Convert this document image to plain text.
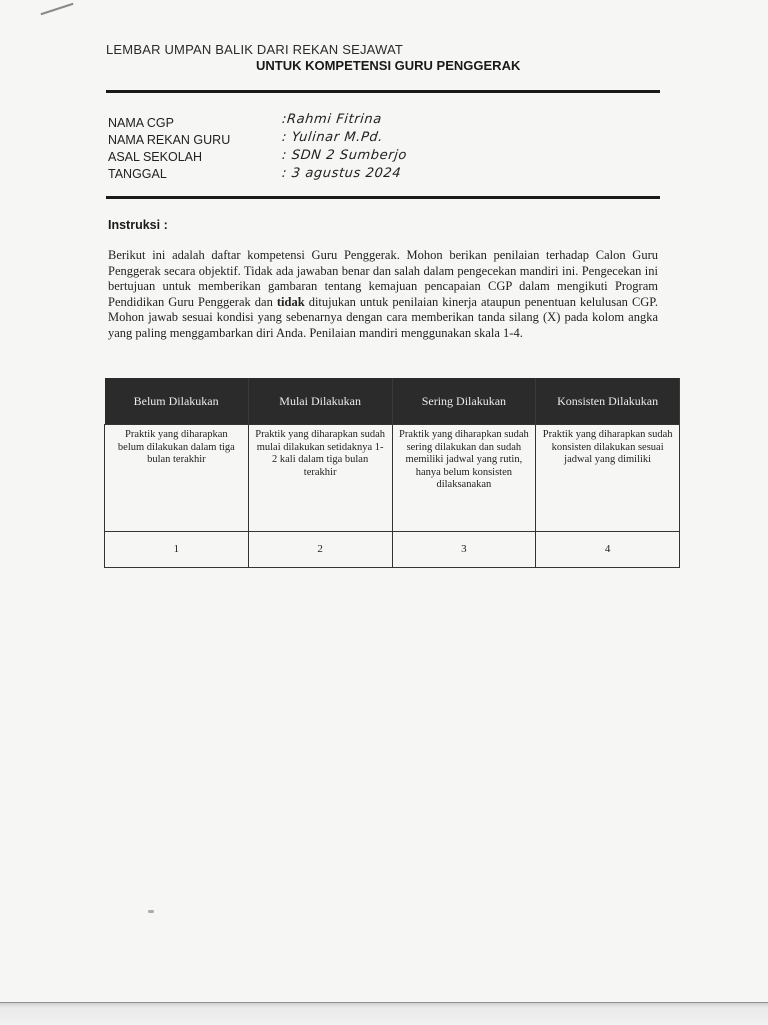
LEMBAR UMPAN BALIK DARI REKAN SEJAWAT
UNTUK KOMPETENSI GURU PENGGERAK
NAMA CGP	:Rahmi Fitrina
NAMA REKAN GURU	: Yulinar M.Pd.
ASAL SEKOLAH	: SDN 2 Sumberjo
TANGGAL	: 3 agustus 2024
Instruksi :
Berikut ini adalah daftar kompetensi Guru Penggerak. Mohon berikan penilaian terhadap Calon Guru Penggerak secara objektif. Tidak ada jawaban benar dan salah dalam pengecekan mandiri ini. Pengecekan ini bertujuan untuk memberikan gambaran tentang kemajuan pencapaian CGP dalam mengikuti Program Pendidikan Guru Penggerak dan tidak ditujukan untuk penilaian kinerja ataupun penentuan kelulusan CGP. Mohon jawab sesuai kondisi yang sebenarnya dengan cara memberikan tanda silang (X) pada kolom angka yang paling menggambarkan diri Anda. Penilaian mandiri menggunakan skala 1-4.
Belum Dilakukan	Mulai Dilakukan	Sering Dilakukan	Konsisten Dilakukan
Praktik yang diharapkan belum dilakukan dalam tiga bulan terakhir	Praktik yang diharapkan sudah mulai dilakukan setidaknya 1-2 kali dalam tiga bulan terakhir	Praktik yang diharapkan sudah sering dilakukan dan sudah memiliki jadwal yang rutin, hanya belum konsisten dilaksanakan	Praktik yang diharapkan sudah konsisten dilakukan sesuai jadwal yang dimiliki
1	2	3	4
